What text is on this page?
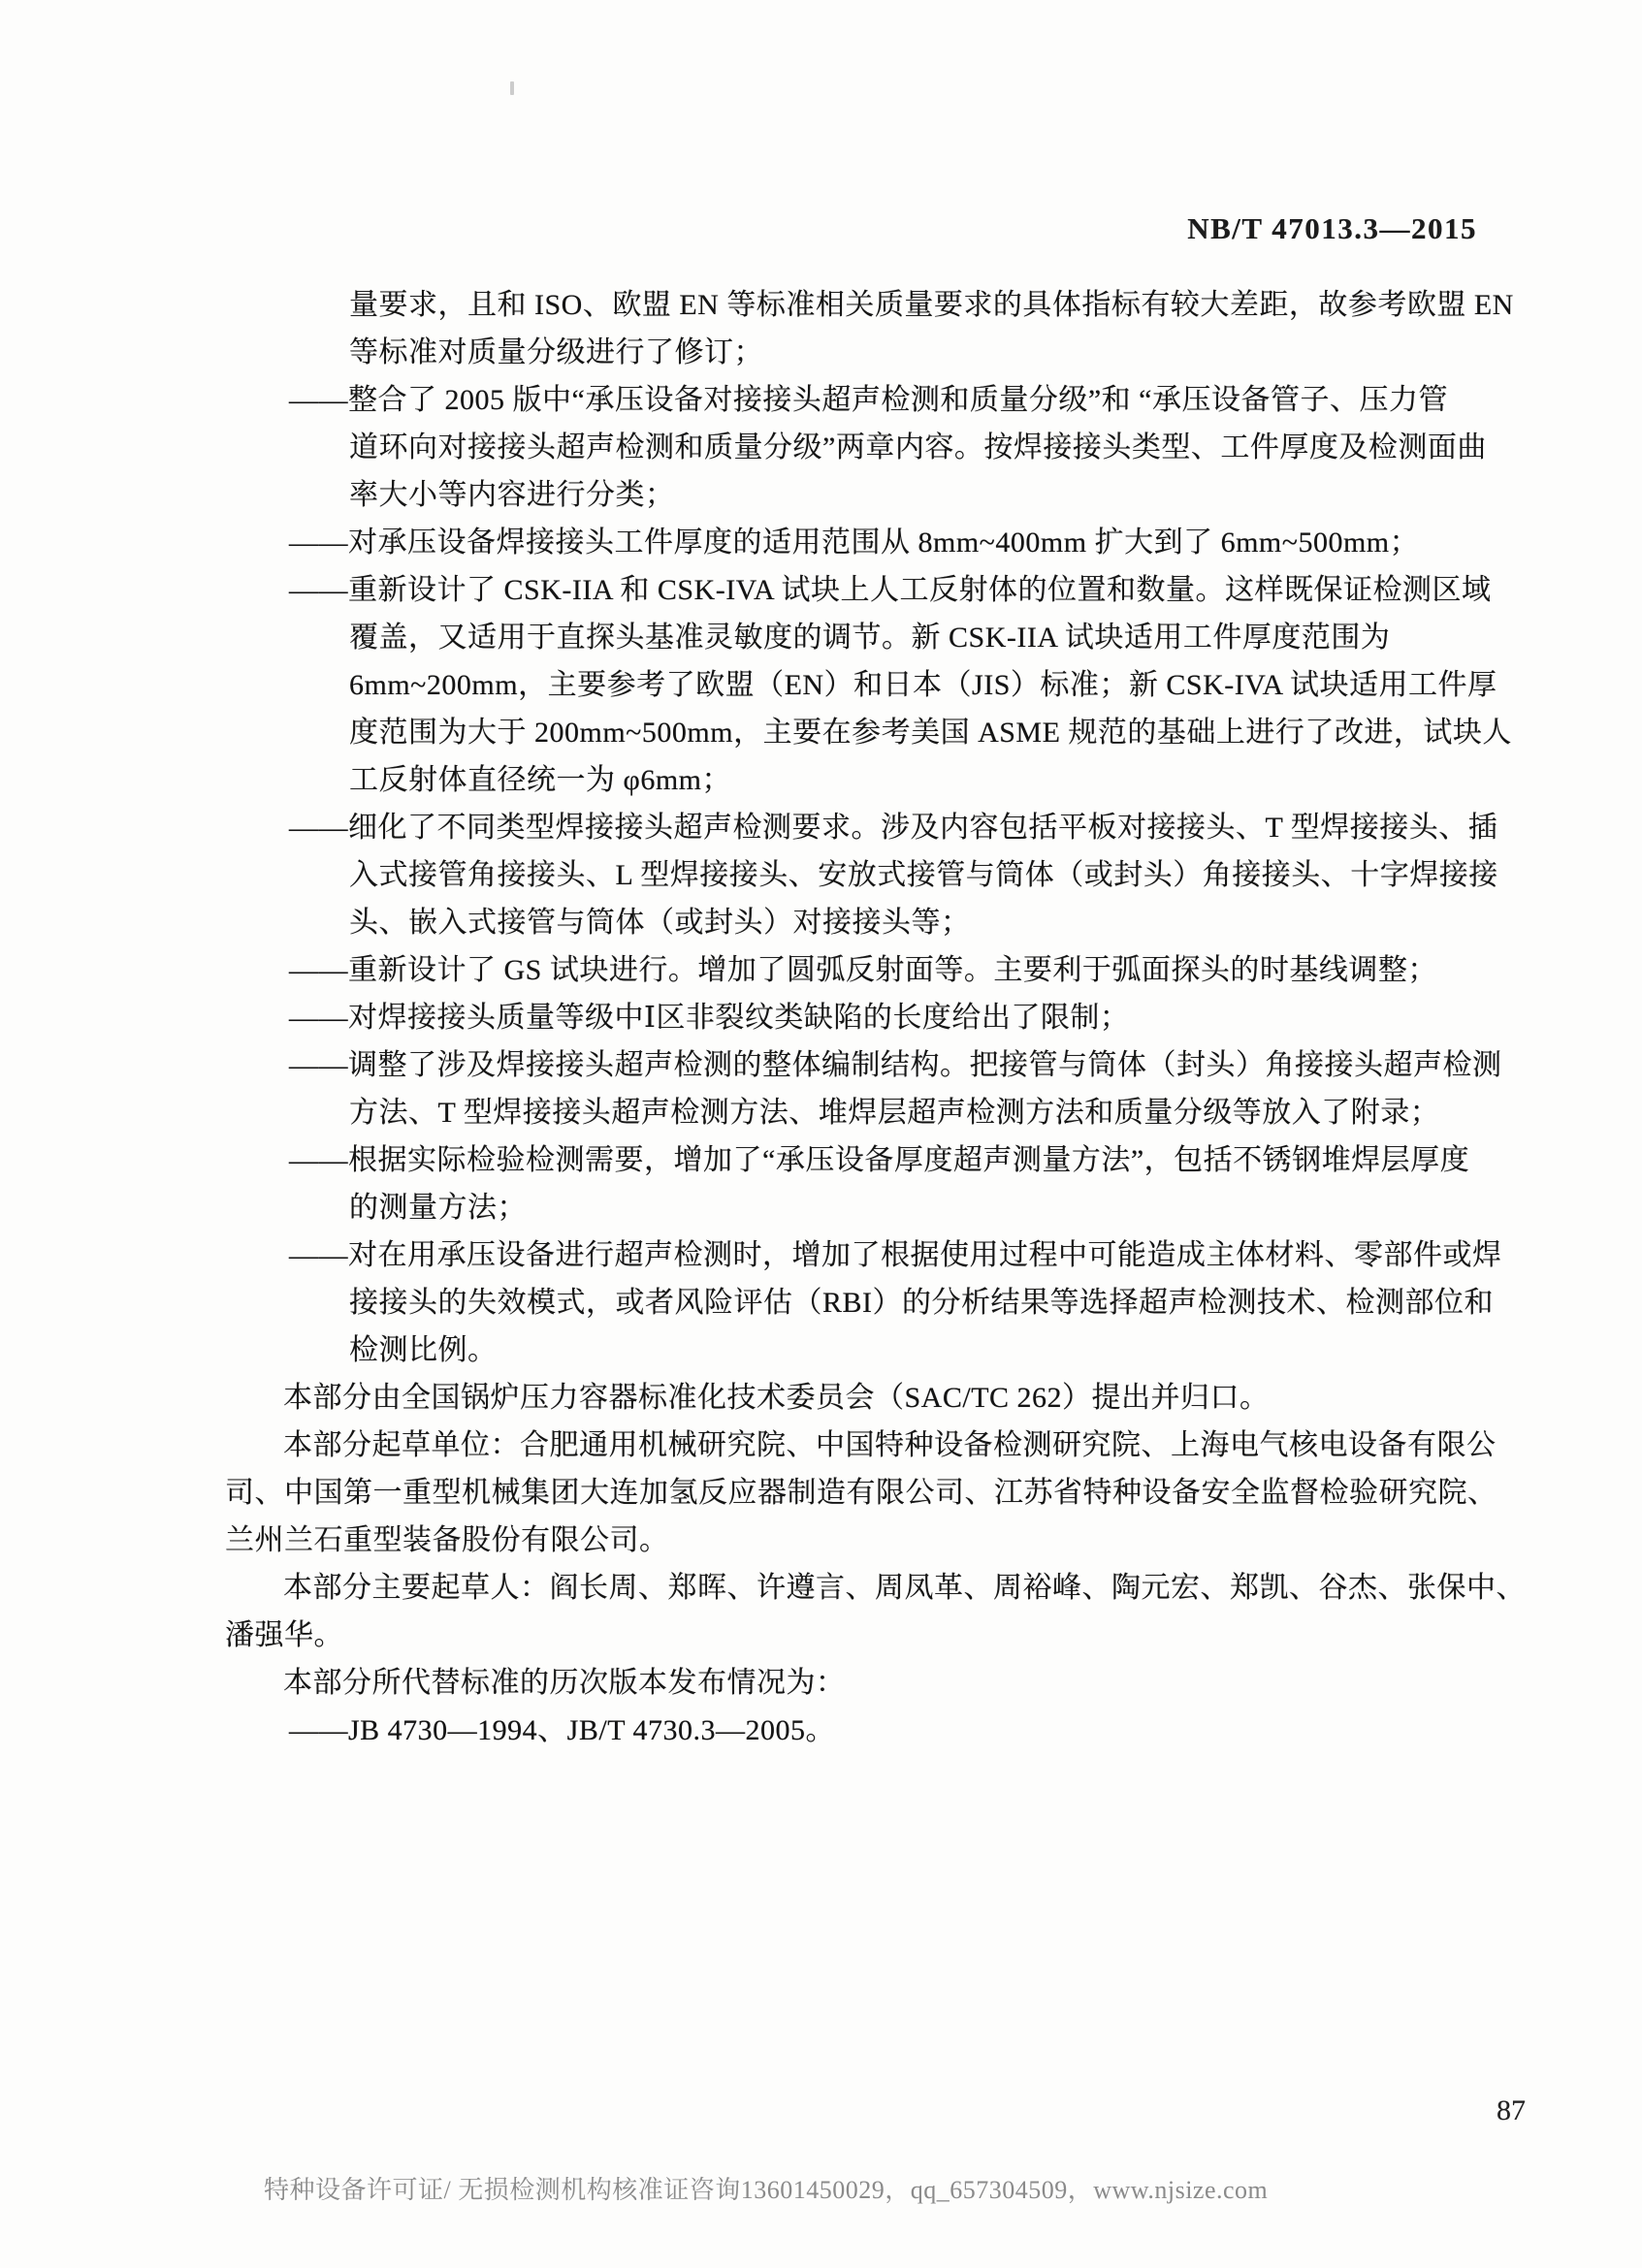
NB/T 47013.3—2015
量要求，且和 ISO、欧盟 EN 等标准相关质量要求的具体指标有较大差距，故参考欧盟 EN
等标准对质量分级进行了修订；
——整合了 2005 版中“承压设备对接接头超声检测和质量分级”和 “承压设备管子、压力管
道环向对接接头超声检测和质量分级”两章内容。按焊接接头类型、工件厚度及检测面曲
率大小等内容进行分类；
——对承压设备焊接接头工件厚度的适用范围从 8mm~400mm 扩大到了 6mm~500mm；
——重新设计了 CSK-IIA 和 CSK-IVA 试块上人工反射体的位置和数量。这样既保证检测区域
覆盖，又适用于直探头基准灵敏度的调节。新 CSK-IIA 试块适用工件厚度范围为
6mm~200mm，主要参考了欧盟（EN）和日本（JIS）标准；新 CSK-IVA 试块适用工件厚
度范围为大于 200mm~500mm，主要在参考美国 ASME 规范的基础上进行了改进，试块人
工反射体直径统一为 φ6mm；
——细化了不同类型焊接接头超声检测要求。涉及内容包括平板对接接头、T 型焊接接头、插
入式接管角接接头、L 型焊接接头、安放式接管与筒体（或封头）角接接头、十字焊接接
头、嵌入式接管与筒体（或封头）对接接头等；
——重新设计了 GS 试块进行。增加了圆弧反射面等。主要利于弧面探头的时基线调整；
——对焊接接头质量等级中Ⅰ区非裂纹类缺陷的长度给出了限制；
——调整了涉及焊接接头超声检测的整体编制结构。把接管与筒体（封头）角接接头超声检测
方法、T 型焊接接头超声检测方法、堆焊层超声检测方法和质量分级等放入了附录；
——根据实际检验检测需要，增加了“承压设备厚度超声测量方法”，包括不锈钢堆焊层厚度
的测量方法；
——对在用承压设备进行超声检测时，增加了根据使用过程中可能造成主体材料、零部件或焊
接接头的失效模式，或者风险评估（RBI）的分析结果等选择超声检测技术、检测部位和
检测比例。
本部分由全国锅炉压力容器标准化技术委员会（SAC/TC 262）提出并归口。
本部分起草单位：合肥通用机械研究院、中国特种设备检测研究院、上海电气核电设备有限公
司、中国第一重型机械集团大连加氢反应器制造有限公司、江苏省特种设备安全监督检验研究院、
兰州兰石重型装备股份有限公司。
本部分主要起草人：阎长周、郑晖、许遵言、周凤革、周裕峰、陶元宏、郑凯、谷杰、张保中、
潘强华。
本部分所代替标准的历次版本发布情况为：
——JB 4730—1994、JB/T 4730.3—2005。
87
特种设备许可证/ 无损检测机构核准证咨询13601450029，qq_657304509，www.njsize.com
